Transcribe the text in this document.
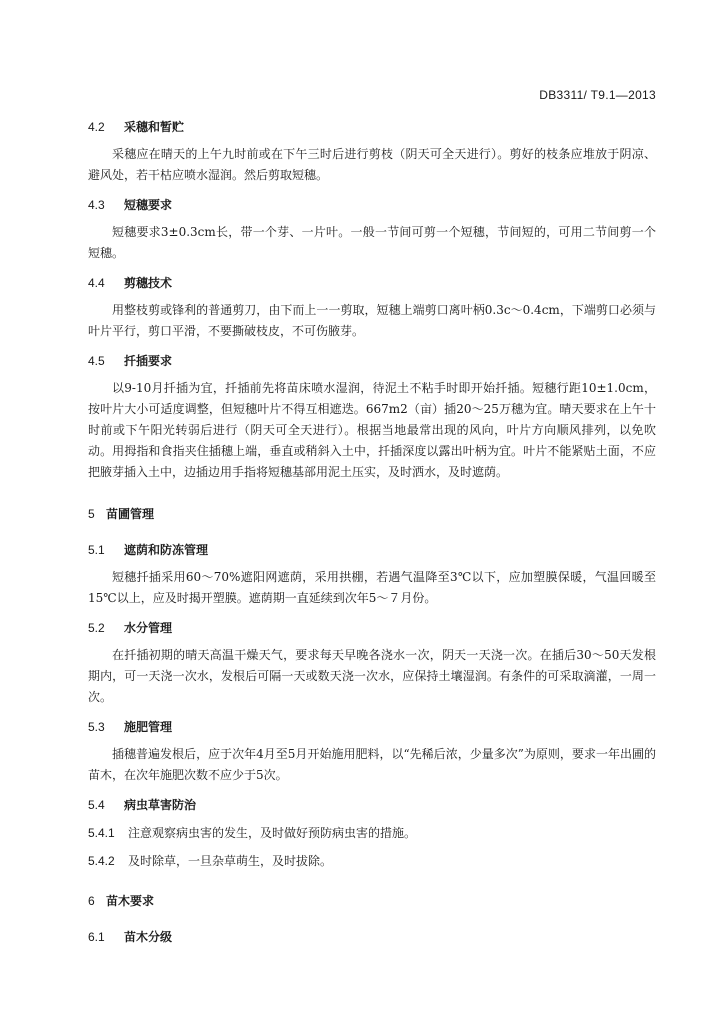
DB3311/ T9.1—2013
4.2 采穗和暂贮

采穗应在晴天的上午九时前或在下午三时后进行剪枝（阴天可全天进行）。剪好的枝条应堆放于阴凉、避风处，若干枯应喷水湿润。然后剪取短穗。

4.3 短穗要求

短穗要求3±0.3cm长，带一个芽、一片叶。一般一节间可剪一个短穗，节间短的，可用二节间剪一个短穗。

4.4 剪穗技术

用整枝剪或锋利的普通剪刀，由下而上一一剪取，短穗上端剪口离叶柄0.3c～0.4cm，下端剪口必须与叶片平行，剪口平滑，不要撕破枝皮，不可伤腋芽。

4.5 扦插要求

以9-10月扦插为宜，扦插前先将苗床喷水湿润，待泥土不粘手时即开始扦插。短穗行距10±1.0cm，按叶片大小可适度调整，但短穗叶片不得互相遮迭。667m2（亩）插20～25万穗为宜。晴天要求在上午十时前或下午阳光转弱后进行（阴天可全天进行）。根据当地最常出现的风向，叶片方向顺风排列，以免吹动。用拇指和食指夹住插穗上端，垂直或稍斜入土中，扦插深度以露出叶柄为宜。叶片不能紧贴土面，不应把腋芽插入土中，边插边用手指将短穗基部用泥土压实，及时洒水，及时遮荫。

5 苗圃管理
5.1 遮荫和防冻管理

短穗扦插采用60～70%遮阳网遮荫，采用拱棚，若遇气温降至3℃以下，应加塑膜保暖，气温回暖至15℃以上，应及时揭开塑膜。遮荫期一直延续到次年5～７月份。

5.2 水分管理

在扦插初期的晴天高温干燥天气，要求每天早晚各浇水一次，阴天一天浇一次。在插后30～50天发根期内，可一天浇一次水，发根后可隔一天或数天浇一次水，应保持土壤湿润。有条件的可采取滴灌，一周一次。

5.3 施肥管理

插穗普遍发根后，应于次年4月至5月开始施用肥料，以“先稀后浓，少量多次”为原则，要求一年出圃的苗木，在次年施肥次数不应少于5次。

5.4 病虫草害防治
5.4.1 注意观察病虫害的发生，及时做好预防病虫害的措施。
5.4.2 及时除草，一旦杂草萌生，及时拔除。
6 苗木要求
6.1 苗木分级
